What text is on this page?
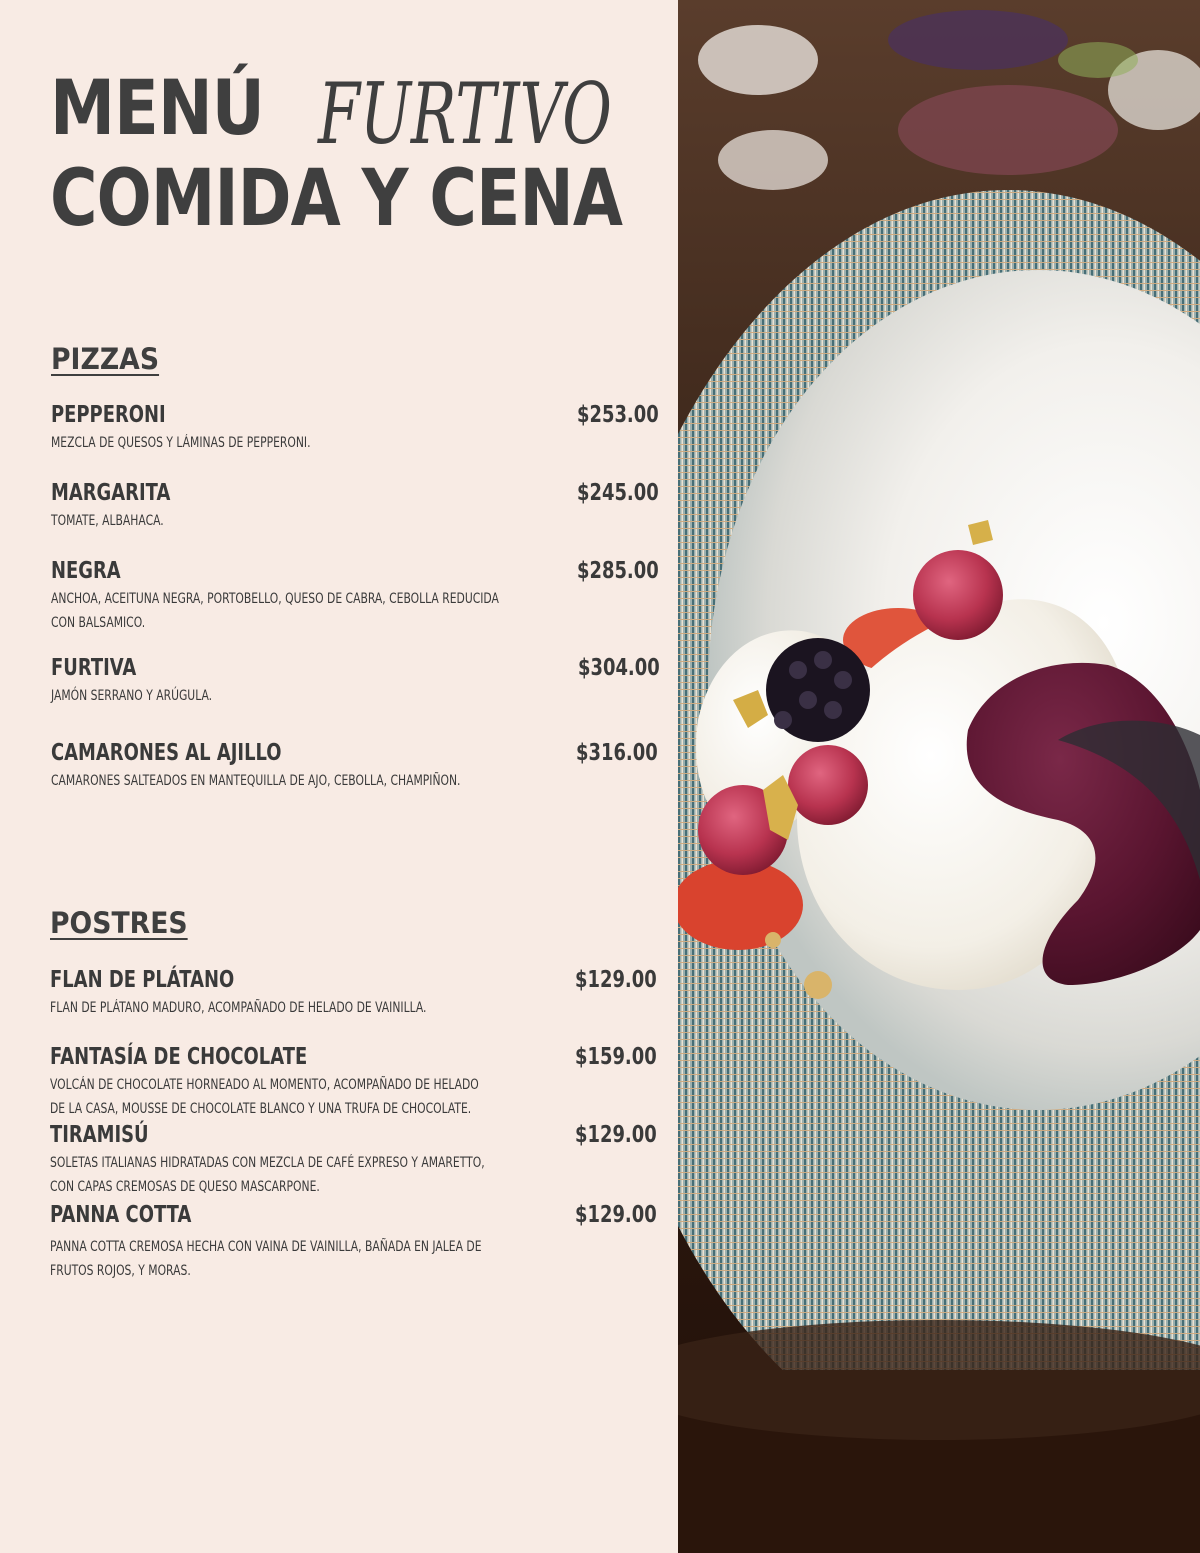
MENÚ FURTIVO
COMIDA Y CENA
PIZZAS
PEPPERONI	$253.00
MEZCLA DE QUESOS Y LÁMINAS DE PEPPERONI.
MARGARITA	$245.00
TOMATE, ALBAHACA.
NEGRA	$285.00
ANCHOA, ACEITUNA NEGRA, PORTOBELLO, QUESO DE CABRA, CEBOLLA REDUCIDA
CON BALSAMICO.
FURTIVA	$304.00
JAMÓN SERRANO Y ARÚGULA.
CAMARONES AL AJILLO	$316.00
CAMARONES SALTEADOS EN MANTEQUILLA DE AJO, CEBOLLA, CHAMPIÑON.
POSTRES
FLAN DE PLÁTANO	$129.00
FLAN DE PLÁTANO MADURO, ACOMPAÑADO DE HELADO DE VAINILLA.
FANTASÍA DE CHOCOLATE	$159.00
VOLCÁN DE CHOCOLATE HORNEADO AL MOMENTO, ACOMPAÑADO DE HELADO
DE LA CASA, MOUSSE DE CHOCOLATE BLANCO Y UNA TRUFA DE CHOCOLATE.
TIRAMISÚ	$129.00
SOLETAS ITALIANAS HIDRATADAS CON MEZCLA DE CAFÉ EXPRESO Y AMARETTO,
CON CAPAS CREMOSAS DE QUESO MASCARPONE.
PANNA COTTA	$129.00
PANNA COTTA CREMOSA HECHA CON VAINA DE VAINILLA, BAÑADA EN JALEA DE
FRUTOS ROJOS, Y MORAS.
